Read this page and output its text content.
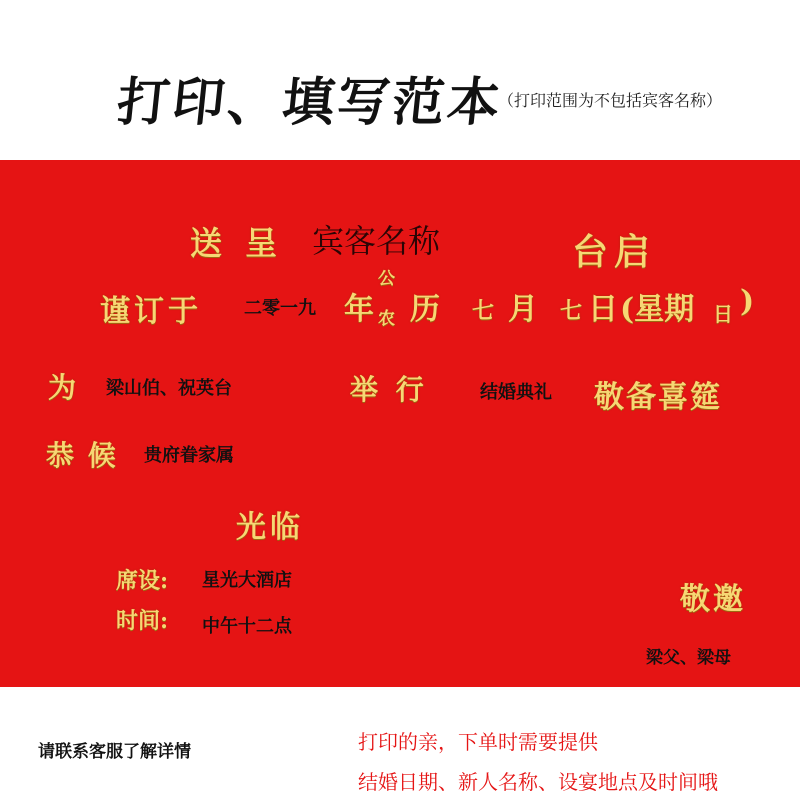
打印、填写范本
（打印范围为不包括宾客名称）
送 呈 宾客名称	台启
谨订于 二零一九 年
公
农 历 七 月 七 日 (星期 日 )
为 梁山伯、祝英台	举 行	结婚典礼 敬备喜筵
恭 候 贵府眷家属
光临
席设: 星光大酒店
时间: 中午十二点
敬邀
梁父、梁母
请联系客服了解详情	打印的亲，下单时需要提供
结婚日期、新人名称、设宴地点及时间哦
